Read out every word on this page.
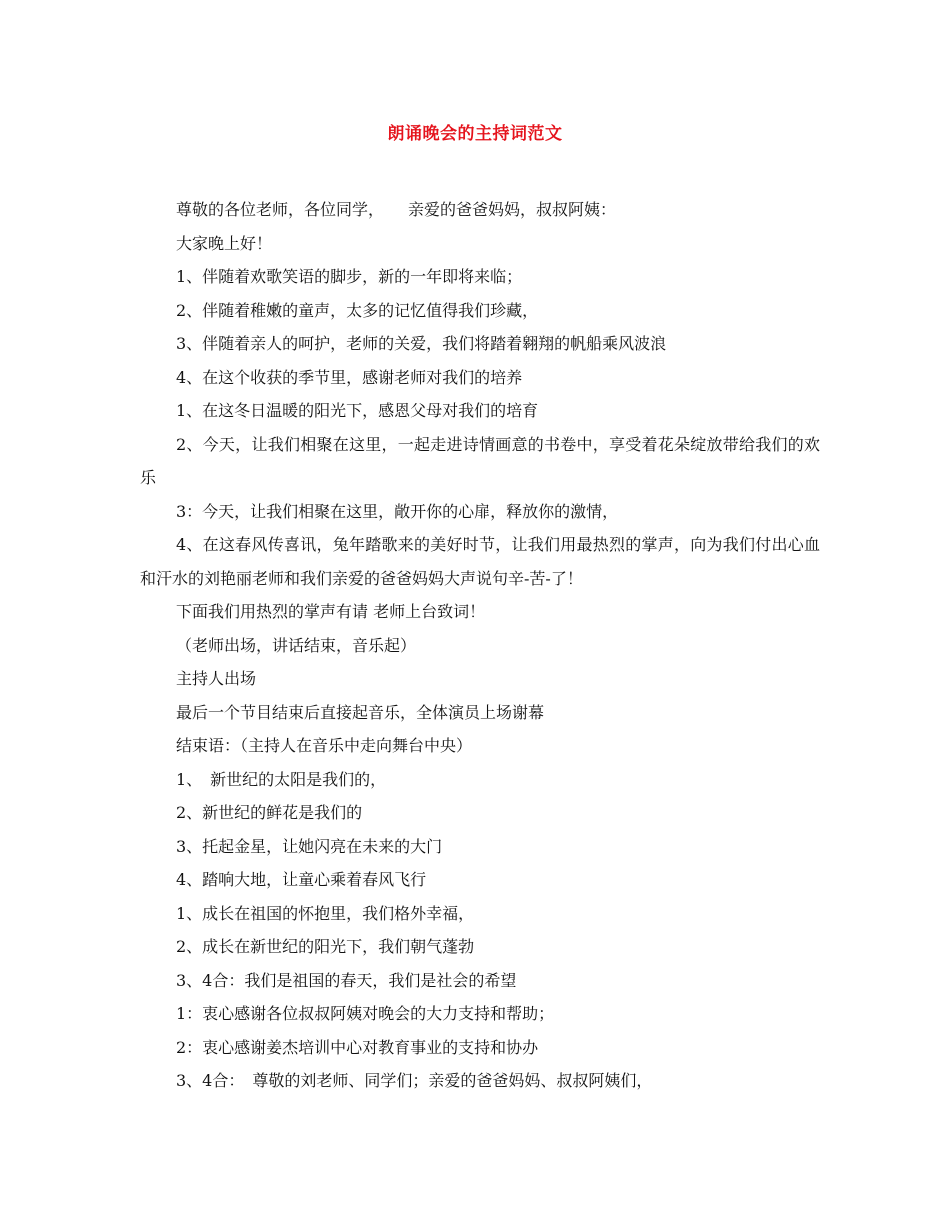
朗诵晚会的主持词范文

尊敬的各位老师，各位同学，　　亲爱的爸爸妈妈，叔叔阿姨：

大家晚上好！

1、伴随着欢歌笑语的脚步，新的一年即将来临；

2、伴随着稚嫩的童声，太多的记忆值得我们珍藏，

3、伴随着亲人的呵护，老师的关爱，我们将踏着翱翔的帆船乘风波浪

4、在这个收获的季节里，感谢老师对我们的培养

1、在这冬日温暖的阳光下，感恩父母对我们的培育

2、今天，让我们相聚在这里，一起走进诗情画意的书卷中，享受着花朵绽放带给我们的欢乐

3：今天，让我们相聚在这里，敞开你的心扉，释放你的激情，

4、在这春风传喜讯，兔年踏歌来的美好时节，让我们用最热烈的掌声，向为我们付出心血和汗水的刘艳丽老师和我们亲爱的爸爸妈妈大声说句辛-苦-了！

下面我们用热烈的掌声有请 老师上台致词！

（老师出场，讲话结束，音乐起）

主持人出场

最后一个节目结束后直接起音乐，全体演员上场谢幕

结束语：（主持人在音乐中走向舞台中央）

1、　新世纪的太阳是我们的，

2、新世纪的鲜花是我们的

3、托起金星，让她闪亮在未来的大门

4、踏响大地，让童心乘着春风飞行

1、成长在祖国的怀抱里，我们格外幸福，

2、成长在新世纪的阳光下，我们朝气蓬勃

3、4合：我们是祖国的春天，我们是社会的希望

1：衷心感谢各位叔叔阿姨对晚会的大力支持和帮助；

2：衷心感谢姜杰培训中心对教育事业的支持和协办

3、4合：　尊敬的刘老师、同学们；亲爱的爸爸妈妈、叔叔阿姨们，
